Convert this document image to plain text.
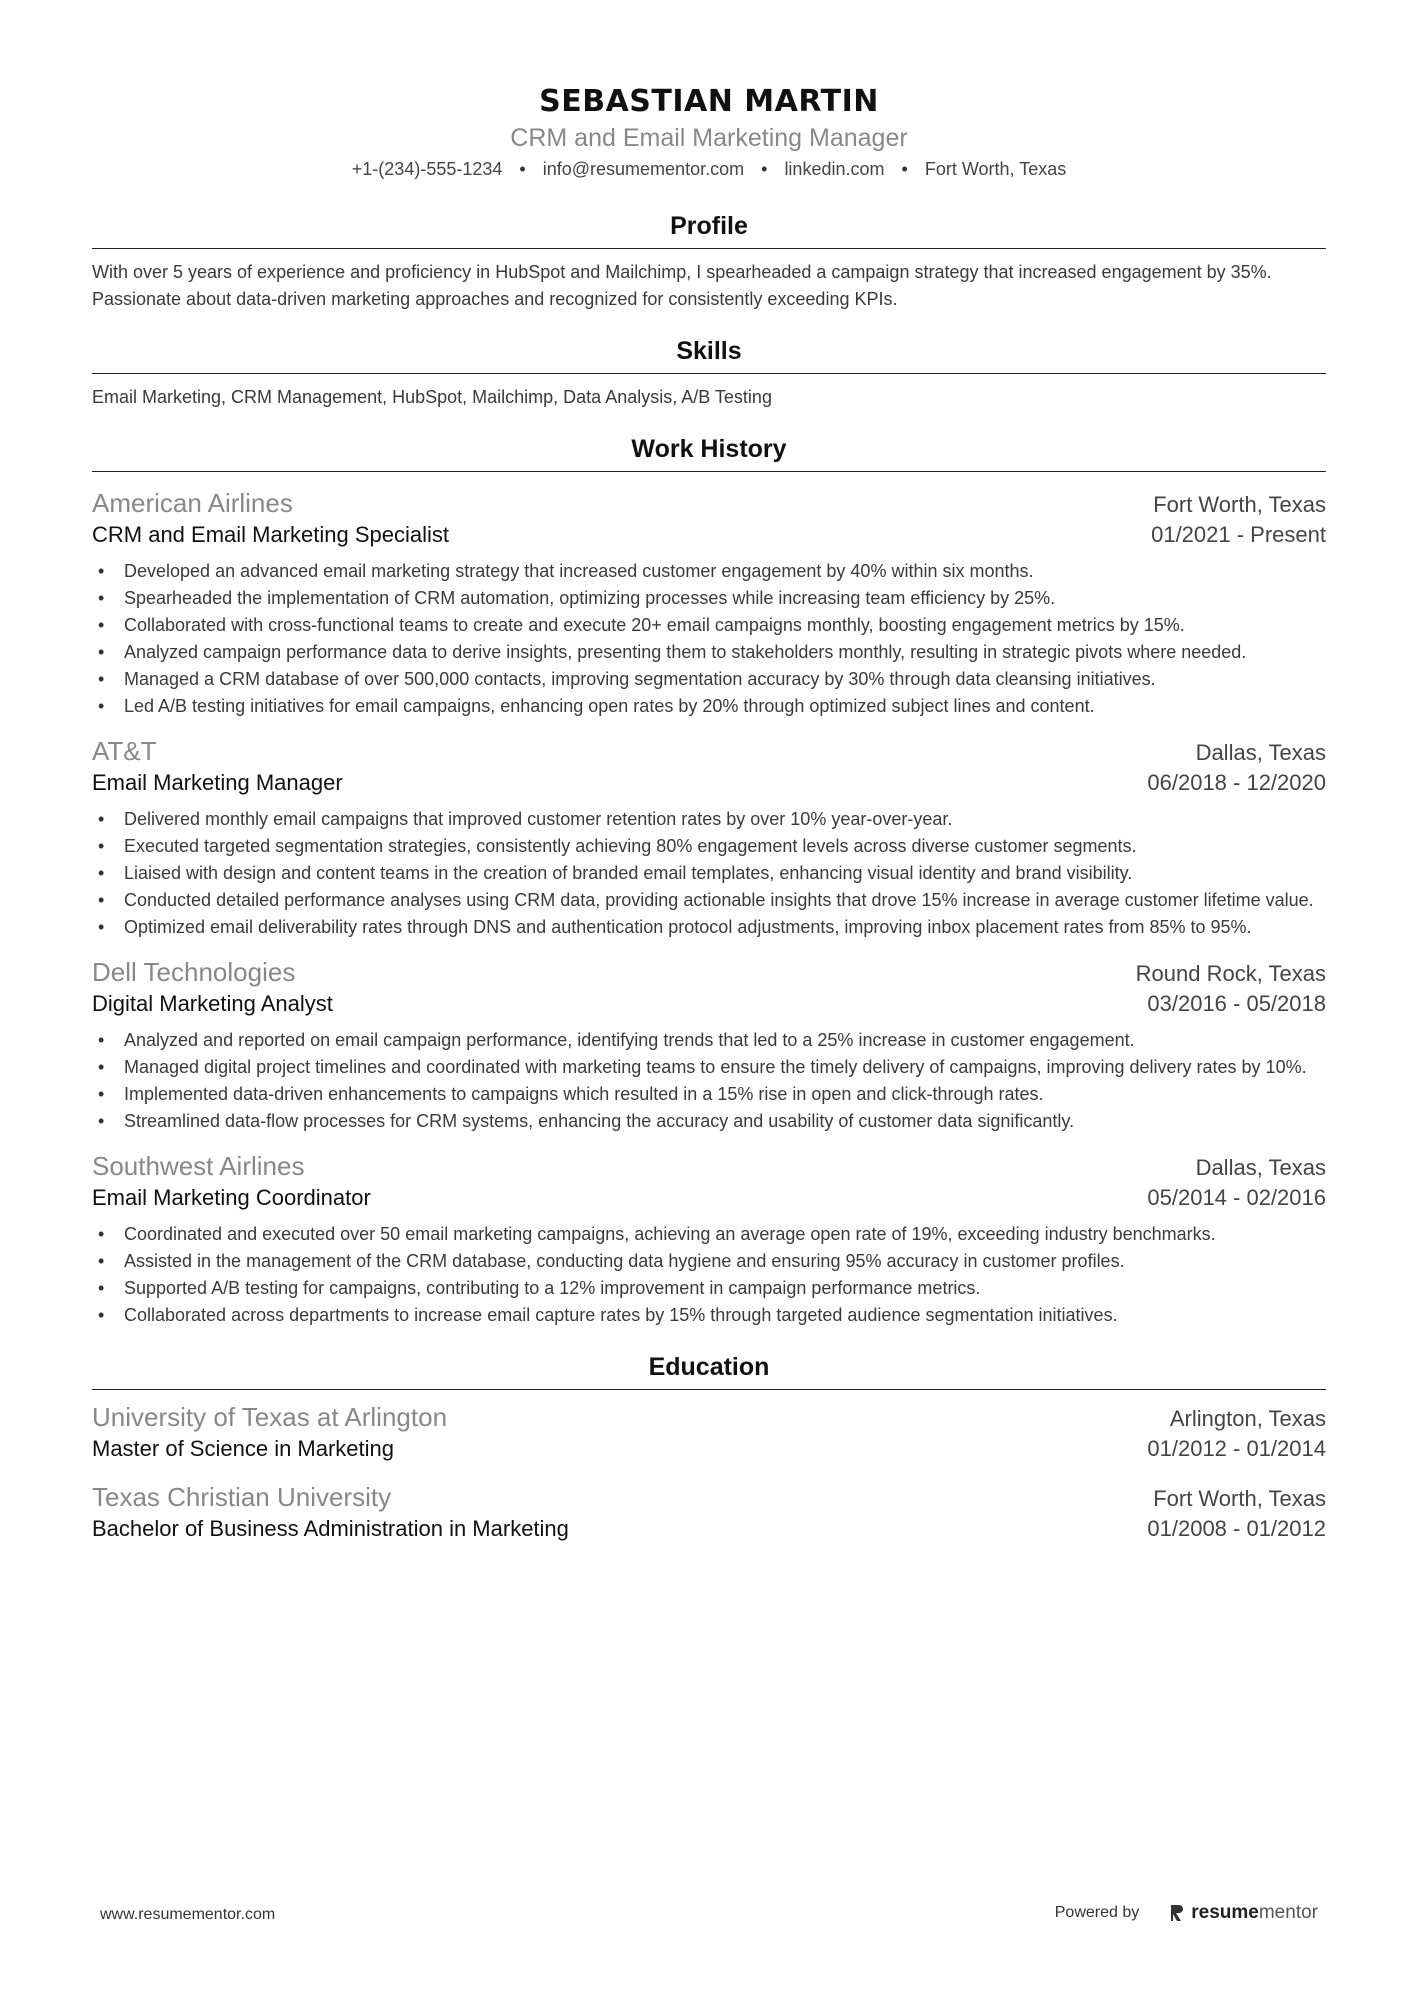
SEBASTIAN MARTIN
CRM and Email Marketing Manager
+1-(234)-555-1234 • info@resumementor.com • linkedin.com • Fort Worth, Texas
Profile
With over 5 years of experience and proficiency in HubSpot and Mailchimp, I spearheaded a campaign strategy that increased engagement by 35%. Passionate about data-driven marketing approaches and recognized for consistently exceeding KPIs.
Skills
Email Marketing, CRM Management, HubSpot, Mailchimp, Data Analysis, A/B Testing
Work History
American Airlines	Fort Worth, Texas
CRM and Email Marketing Specialist	01/2021 - Present
• Developed an advanced email marketing strategy that increased customer engagement by 40% within six months.
• Spearheaded the implementation of CRM automation, optimizing processes while increasing team efficiency by 25%.
• Collaborated with cross-functional teams to create and execute 20+ email campaigns monthly, boosting engagement metrics by 15%.
• Analyzed campaign performance data to derive insights, presenting them to stakeholders monthly, resulting in strategic pivots where needed.
• Managed a CRM database of over 500,000 contacts, improving segmentation accuracy by 30% through data cleansing initiatives.
• Led A/B testing initiatives for email campaigns, enhancing open rates by 20% through optimized subject lines and content.
AT&T	Dallas, Texas
Email Marketing Manager	06/2018 - 12/2020
• Delivered monthly email campaigns that improved customer retention rates by over 10% year-over-year.
• Executed targeted segmentation strategies, consistently achieving 80% engagement levels across diverse customer segments.
• Liaised with design and content teams in the creation of branded email templates, enhancing visual identity and brand visibility.
• Conducted detailed performance analyses using CRM data, providing actionable insights that drove 15% increase in average customer lifetime value.
• Optimized email deliverability rates through DNS and authentication protocol adjustments, improving inbox placement rates from 85% to 95%.
Dell Technologies	Round Rock, Texas
Digital Marketing Analyst	03/2016 - 05/2018
• Analyzed and reported on email campaign performance, identifying trends that led to a 25% increase in customer engagement.
• Managed digital project timelines and coordinated with marketing teams to ensure the timely delivery of campaigns, improving delivery rates by 10%.
• Implemented data-driven enhancements to campaigns which resulted in a 15% rise in open and click-through rates.
• Streamlined data-flow processes for CRM systems, enhancing the accuracy and usability of customer data significantly.
Southwest Airlines	Dallas, Texas
Email Marketing Coordinator	05/2014 - 02/2016
• Coordinated and executed over 50 email marketing campaigns, achieving an average open rate of 19%, exceeding industry benchmarks.
• Assisted in the management of the CRM database, conducting data hygiene and ensuring 95% accuracy in customer profiles.
• Supported A/B testing for campaigns, contributing to a 12% improvement in campaign performance metrics.
• Collaborated across departments to increase email capture rates by 15% through targeted audience segmentation initiatives.
Education
University of Texas at Arlington	Arlington, Texas
Master of Science in Marketing	01/2012 - 01/2014
Texas Christian University	Fort Worth, Texas
Bachelor of Business Administration in Marketing	01/2008 - 01/2012
www.resumementor.com	Powered by	resume mentor
